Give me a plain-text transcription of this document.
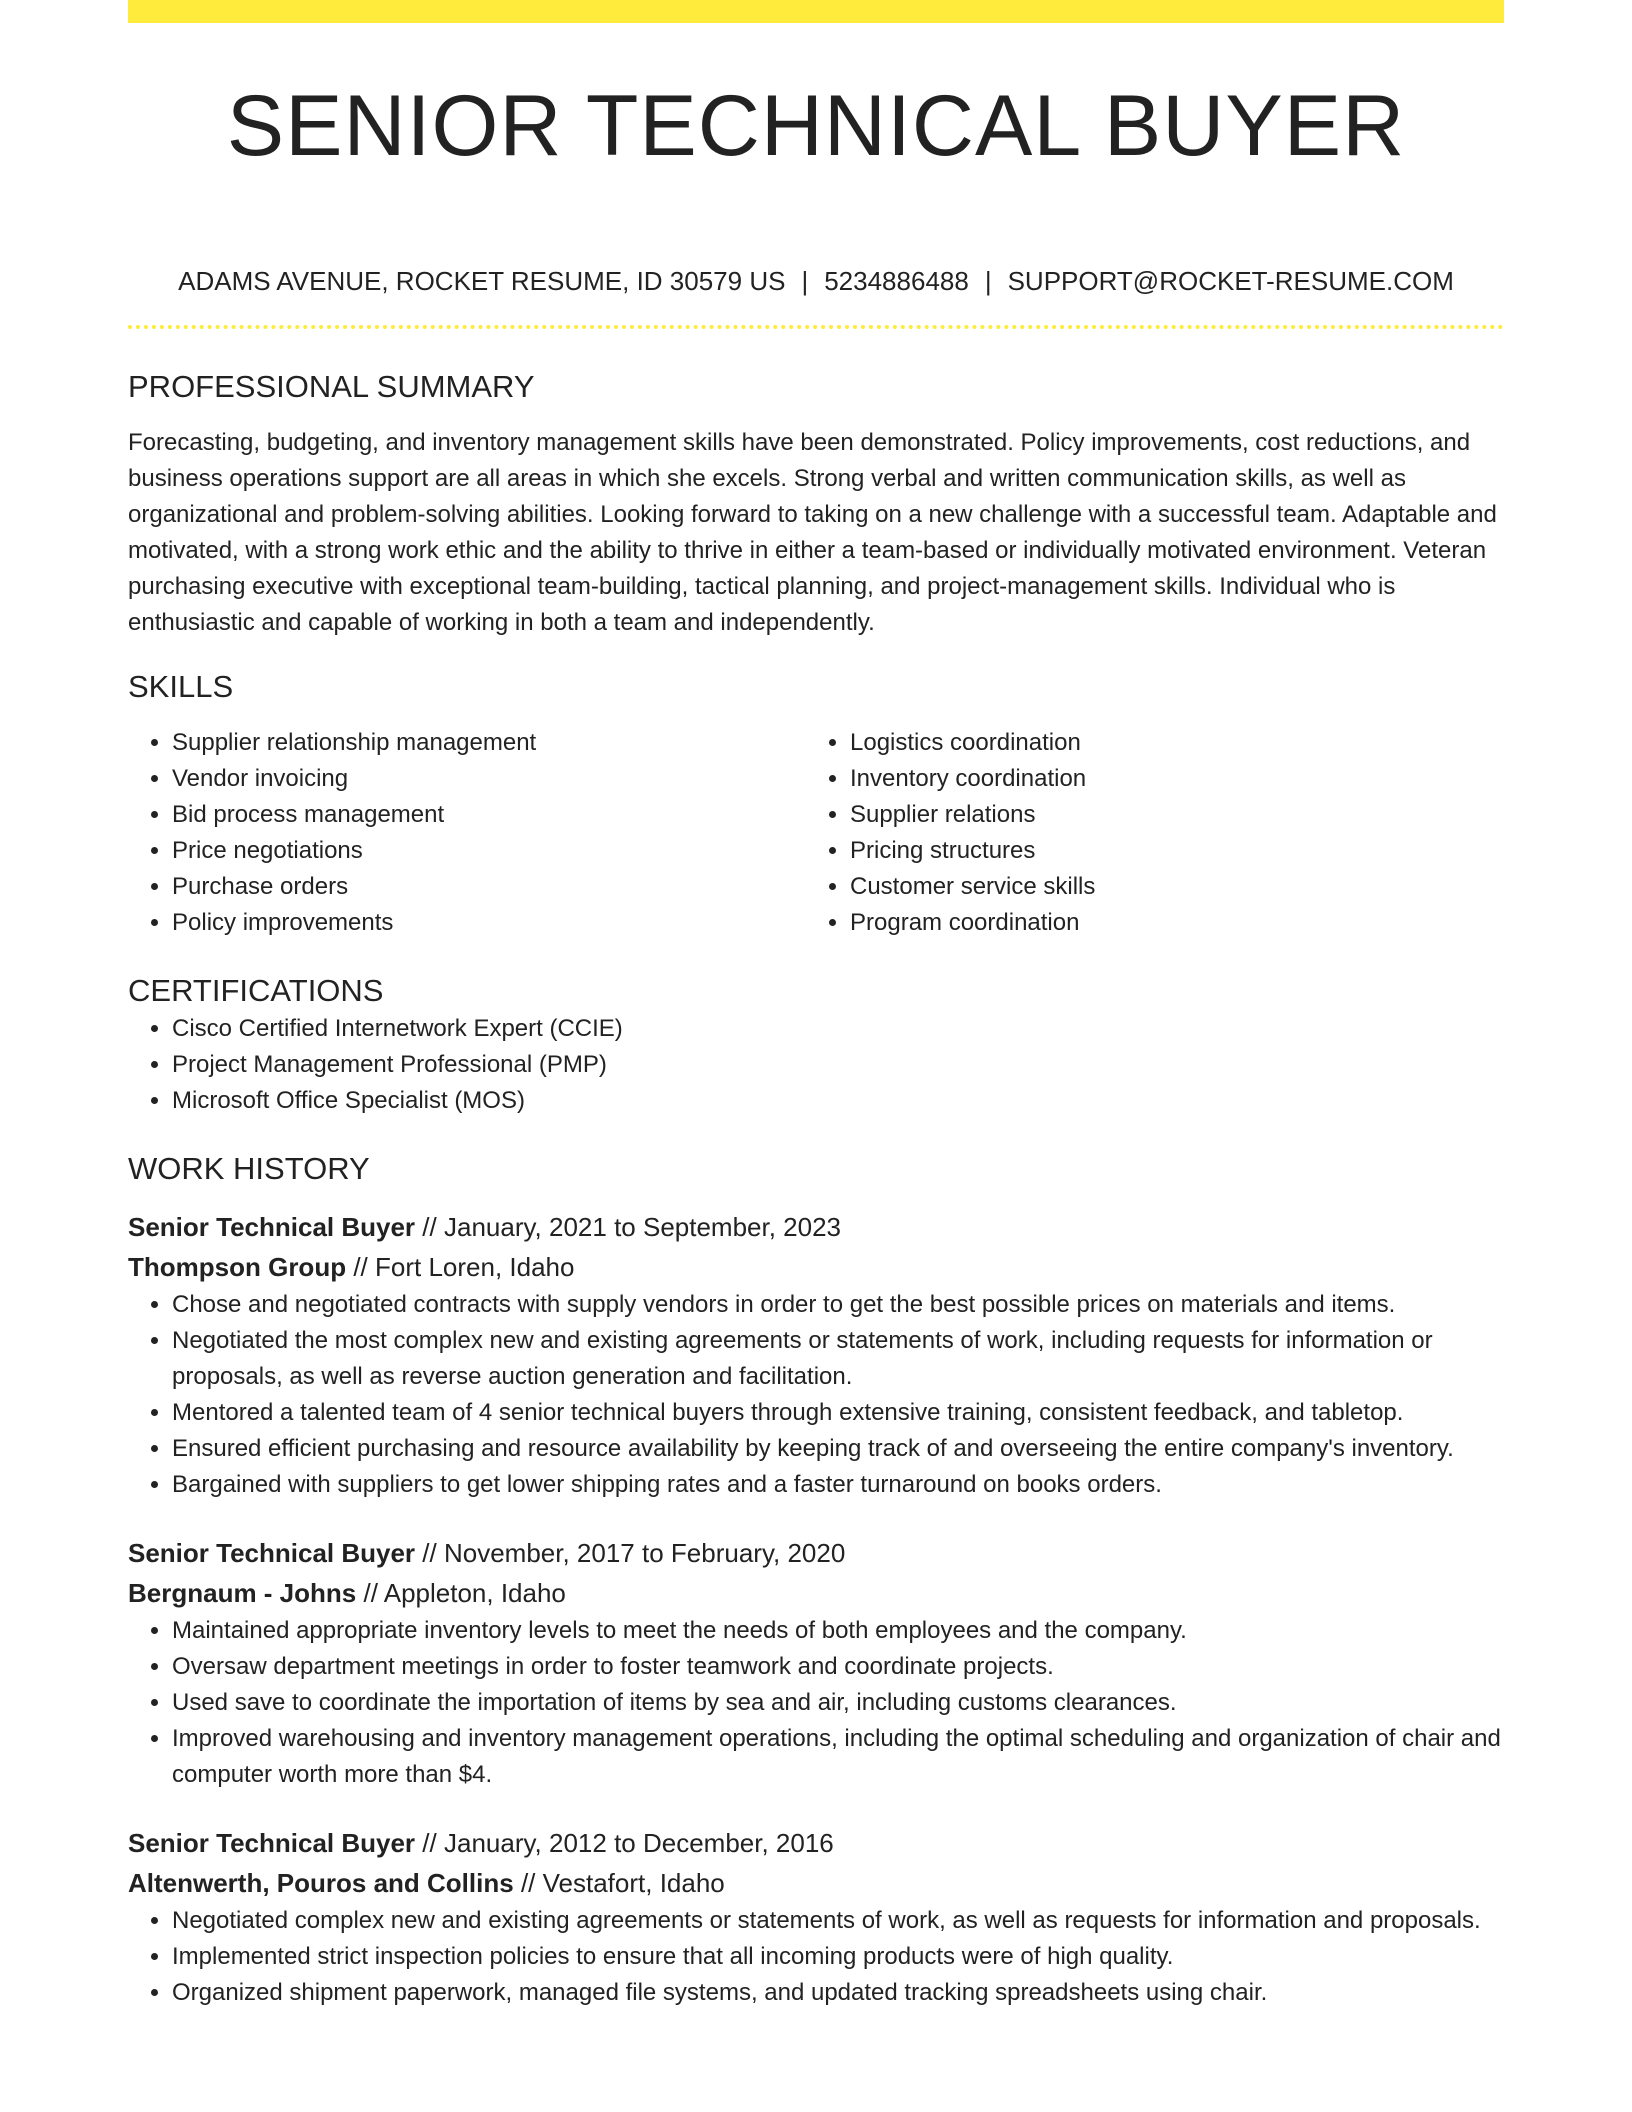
SENIOR TECHNICAL BUYER
ADAMS AVENUE, ROCKET RESUME, ID 30579 US | 5234886488 | SUPPORT@ROCKET-RESUME.COM
PROFESSIONAL SUMMARY
Forecasting, budgeting, and inventory management skills have been demonstrated. Policy improvements, cost reductions, and business operations support are all areas in which she excels. Strong verbal and written communication skills, as well as organizational and problem-solving abilities. Looking forward to taking on a new challenge with a successful team. Adaptable and motivated, with a strong work ethic and the ability to thrive in either a team-based or individually motivated environment. Veteran purchasing executive with exceptional team-building, tactical planning, and project-management skills. Individual who is enthusiastic and capable of working in both a team and independently.
SKILLS
• Supplier relationship management
• Vendor invoicing
• Bid process management
• Price negotiations
• Purchase orders
• Policy improvements
• Logistics coordination
• Inventory coordination
• Supplier relations
• Pricing structures
• Customer service skills
• Program coordination
CERTIFICATIONS
• Cisco Certified Internetwork Expert (CCIE)
• Project Management Professional (PMP)
• Microsoft Office Specialist (MOS)
WORK HISTORY
Senior Technical Buyer // January, 2021 to September, 2023
Thompson Group // Fort Loren, Idaho
• Chose and negotiated contracts with supply vendors in order to get the best possible prices on materials and items.
• Negotiated the most complex new and existing agreements or statements of work, including requests for information or proposals, as well as reverse auction generation and facilitation.
• Mentored a talented team of 4 senior technical buyers through extensive training, consistent feedback, and tabletop.
• Ensured efficient purchasing and resource availability by keeping track of and overseeing the entire company's inventory.
• Bargained with suppliers to get lower shipping rates and a faster turnaround on books orders.
Senior Technical Buyer // November, 2017 to February, 2020
Bergnaum - Johns // Appleton, Idaho
• Maintained appropriate inventory levels to meet the needs of both employees and the company.
• Oversaw department meetings in order to foster teamwork and coordinate projects.
• Used save to coordinate the importation of items by sea and air, including customs clearances.
• Improved warehousing and inventory management operations, including the optimal scheduling and organization of chair and computer worth more than $4.
Senior Technical Buyer // January, 2012 to December, 2016
Altenwerth, Pouros and Collins // Vestafort, Idaho
• Negotiated complex new and existing agreements or statements of work, as well as requests for information and proposals.
• Implemented strict inspection policies to ensure that all incoming products were of high quality.
• Organized shipment paperwork, managed file systems, and updated tracking spreadsheets using chair.
